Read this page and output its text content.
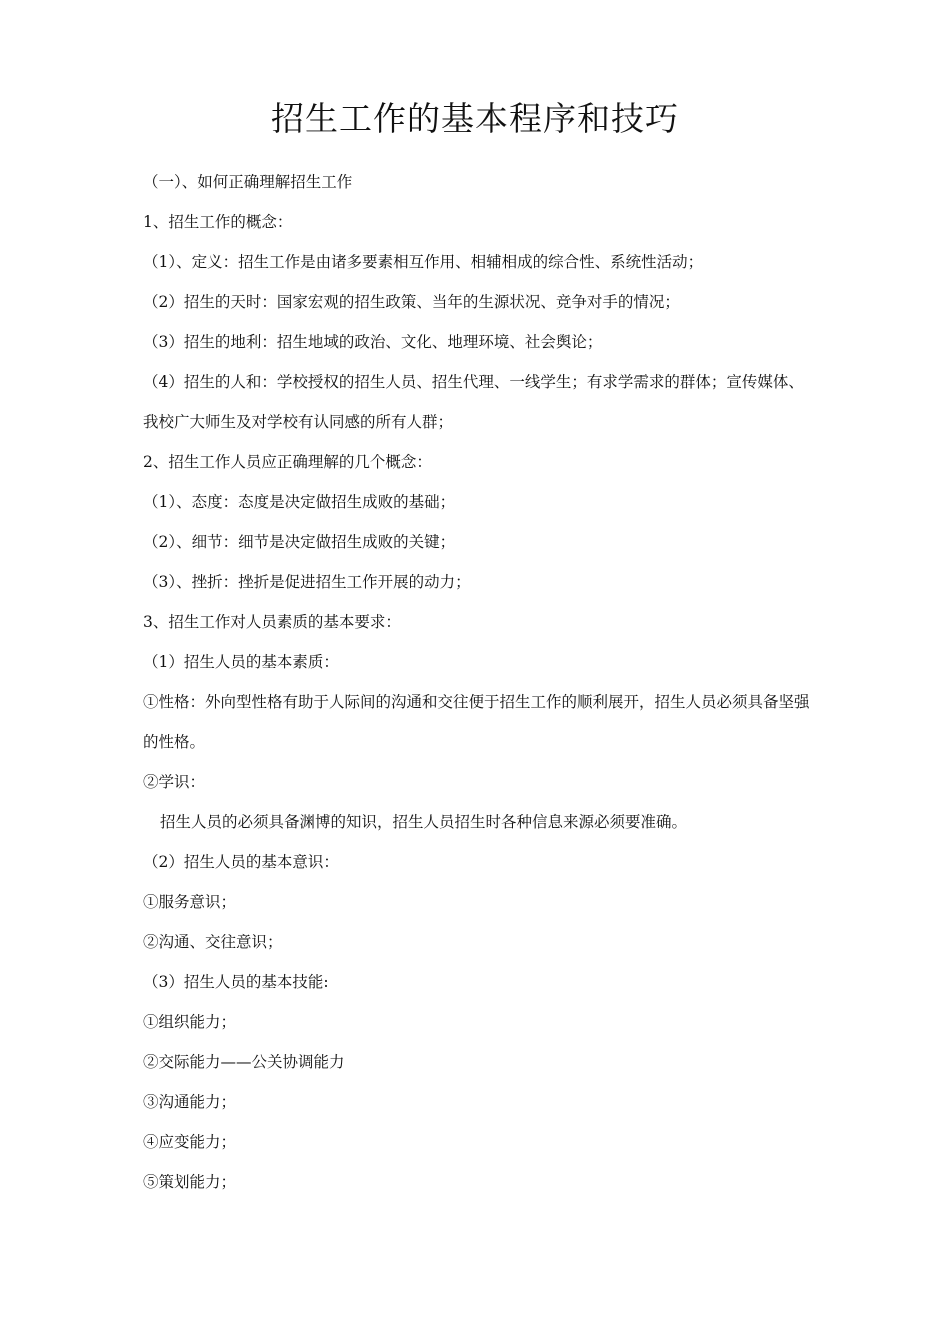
招生工作的基本程序和技巧

（一）、如何正确理解招生工作

1、招生工作的概念：

（1）、定义：招生工作是由诸多要素相互作用、相辅相成的综合性、系统性活动；

（2）招生的天时：国家宏观的招生政策、当年的生源状况、竞争对手的情况；

（3）招生的地利：招生地域的政治、文化、地理环境、社会舆论；

（4）招生的人和：学校授权的招生人员、招生代理、一线学生；有求学需求的群体；宣传媒体、我校广大师生及对学校有认同感的所有人群；

2、招生工作人员应正确理解的几个概念：

（1）、态度：态度是决定做招生成败的基础；

（2）、细节：细节是决定做招生成败的关键；

（3）、挫折：挫折是促进招生工作开展的动力；

3、招生工作对人员素质的基本要求：

（1）招生人员的基本素质：

①性格：外向型性格有助于人际间的沟通和交往便于招生工作的顺利展开，招生人员必须具备坚强的性格。

②学识：

招生人员的必须具备渊博的知识，招生人员招生时各种信息来源必须要准确。

（2）招生人员的基本意识：

①服务意识；

②沟通、交往意识；

（3）招生人员的基本技能:

①组织能力；

②交际能力——公关协调能力

③沟通能力；

④应变能力；

⑤策划能力；
